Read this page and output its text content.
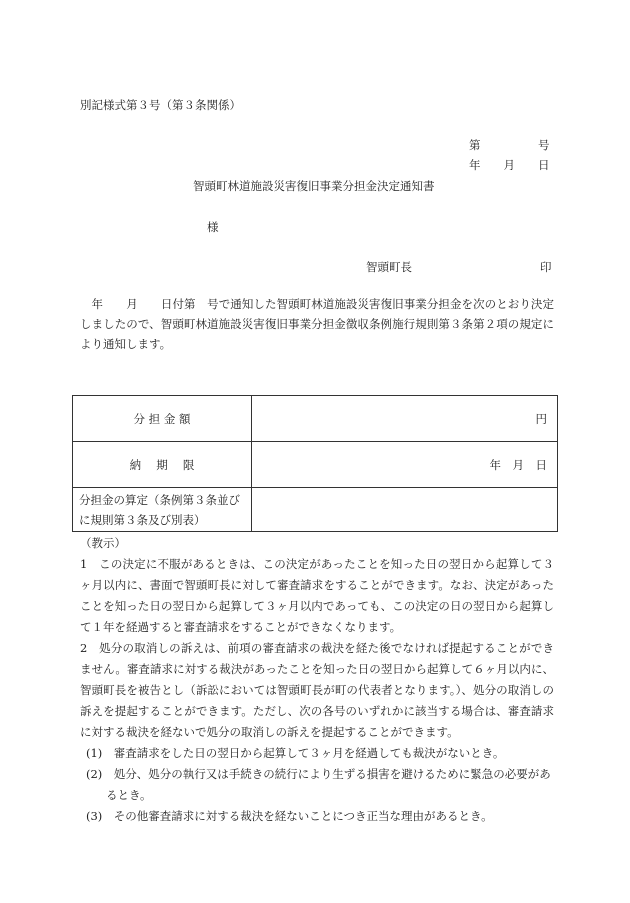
別記様式第３号（第３条関係）
第　　　　　号
年　　月　　日
智頭町林道施設災害復旧事業分担金決定通知書
様
智頭町長	印
　年　　月　　日付第　号で通知した智頭町林道施設災害復旧事業分担金を次のとおり決定しましたので、智頭町林道施設災害復旧事業分担金徴収条例施行規則第３条第２項の規定により通知します。
分 担 金 額	円
納　 期　 限	年　月　日
分担金の算定（条例第３条並びに規則第３条及び別表）	
（教示）
1　この決定に不服があるときは、この決定があったことを知った日の翌日から起算して３ヶ月以内に、書面で智頭町長に対して審査請求をすることができます。なお、決定があったことを知った日の翌日から起算して３ヶ月以内であっても、この決定の日の翌日から起算して１年を経過すると審査請求をすることができなくなります。
2　処分の取消しの訴えは、前項の審査請求の裁決を経た後でなければ提起することができません。審査請求に対する裁決があったことを知った日の翌日から起算して６ヶ月以内に、智頭町長を被告とし（訴訟においては智頭町長が町の代表者となります。）、処分の取消しの訴えを提起することができます。ただし、次の各号のいずれかに該当する場合は、審査請求に対する裁決を経ないで処分の取消しの訴えを提起することができます。
(1)　審査請求をした日の翌日から起算して３ヶ月を経過しても裁決がないとき。
(2)　処分、処分の執行又は手続きの続行により生ずる損害を避けるために緊急の必要があるとき。
(3)　その他審査請求に対する裁決を経ないことにつき正当な理由があるとき。
